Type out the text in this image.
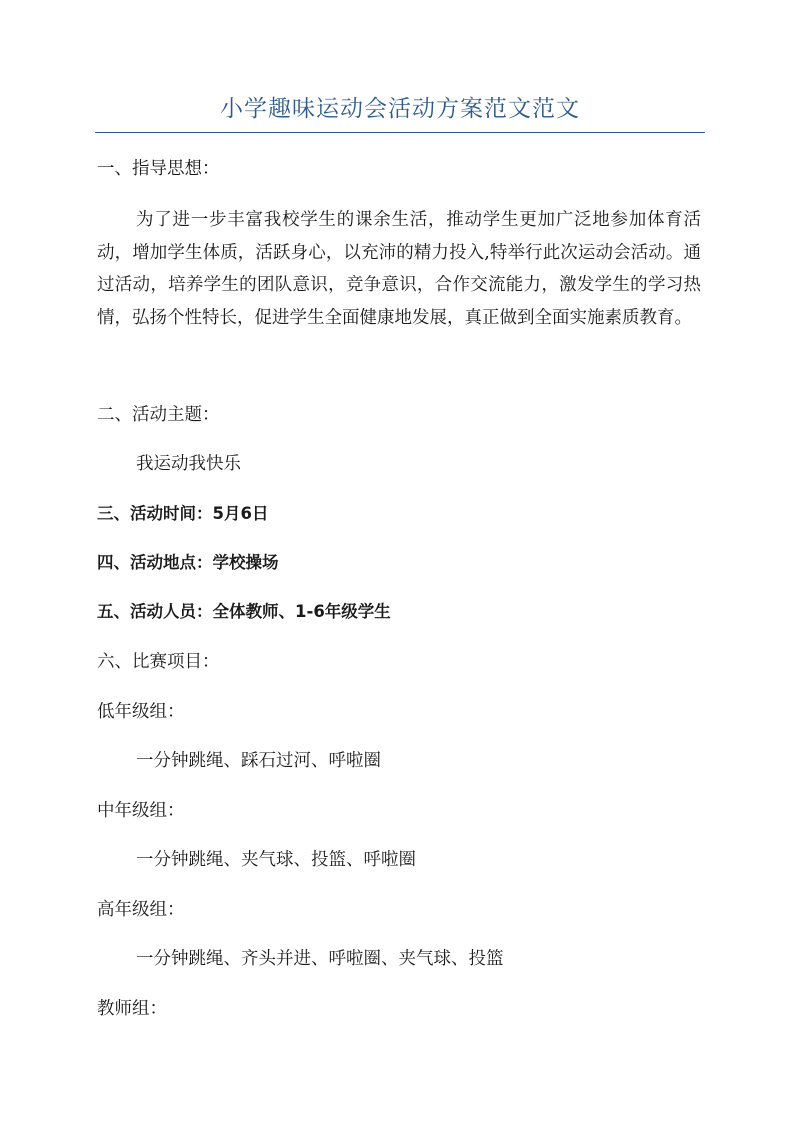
小学趣味运动会活动方案范文范文
一、指导思想：
为了进一步丰富我校学生的课余生活，推动学生更加广泛地参加体育活动，增加学生体质，活跃身心，以充沛的精力投入,特举行此次运动会活动。通过活动，培养学生的团队意识，竞争意识，合作交流能力，激发学生的学习热情，弘扬个性特长，促进学生全面健康地发展，真正做到全面实施素质教育。
二、活动主题：
我运动我快乐
三、活动时间：5月6日
四、活动地点：学校操场
五、活动人员：全体教师、1-6年级学生
六、比赛项目：
低年级组：
一分钟跳绳、踩石过河、呼啦圈
中年级组：
一分钟跳绳、夹气球、投篮、呼啦圈
高年级组：
一分钟跳绳、齐头并进、呼啦圈、夹气球、投篮
教师组：
